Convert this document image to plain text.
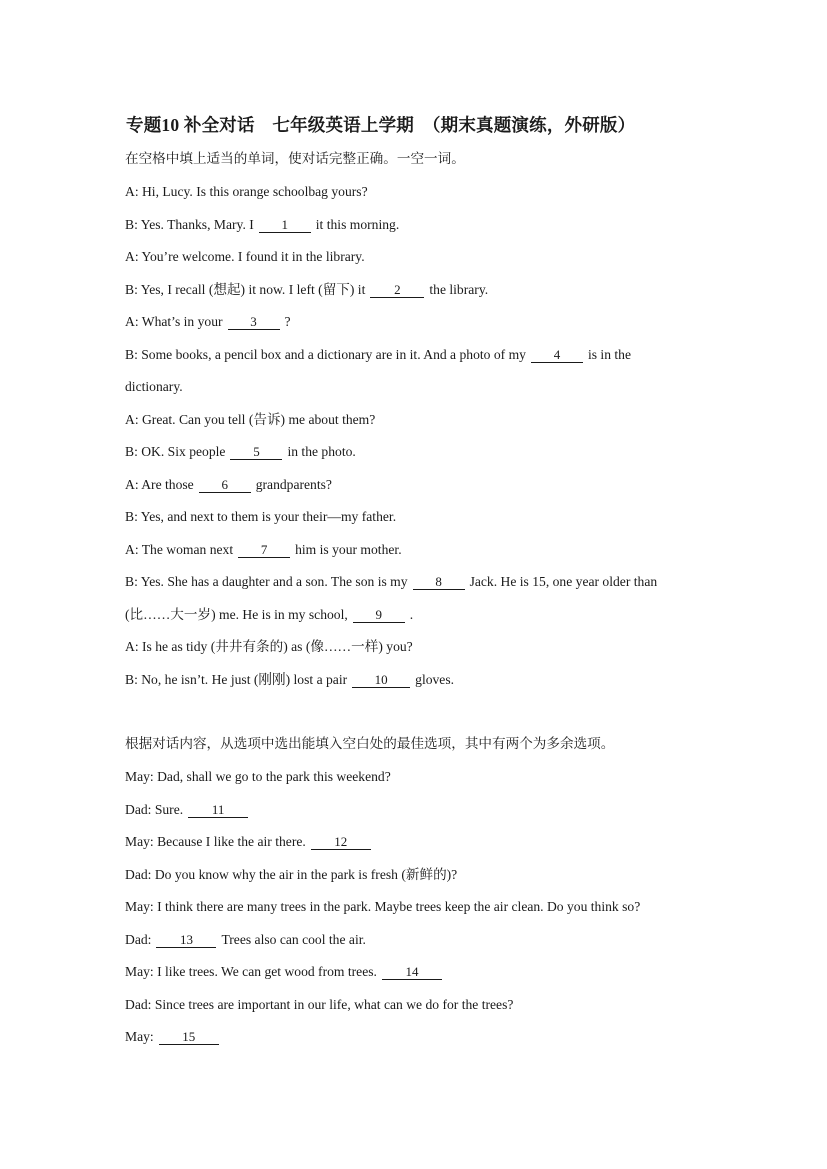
专题10 补全对话　七年级英语上学期　（期末真题演练，外研版）
在空格中填上适当的单词，使对话完整正确。一空一词。
A: Hi, Lucy. Is this orange schoolbag yours?
B: Yes. Thanks, Mary. I 1 it this morning.
A: You’re welcome. I found it in the library.
B: Yes, I recall (想起) it now. I left (留下) it 2 the library.
A: What’s in your 3 ?
B: Some books, a pencil box and a dictionary are in it. And a photo of my 4 is in the
dictionary.
A: Great. Can you tell (告诉) me about them?
B: OK. Six people 5 in the photo.
A: Are those 6 grandparents?
B: Yes, and next to them is your their—my father.
A: The woman next 7 him is your mother.
B: Yes. She has a daughter and a son. The son is my 8 Jack. He is 15, one year older than
(比……大一岁) me. He is in my school, 9 .
A: Is he as tidy (井井有条的) as (像……一样) you?
B: No, he isn’t. He just (刚刚) lost a pair 10 gloves.
根据对话内容，从选项中选出能填入空白处的最佳选项，其中有两个为多余选项。
May: Dad, shall we go to the park this weekend?
Dad: Sure. 11
May: Because I like the air there. 12
Dad: Do you know why the air in the park is fresh (新鲜的)?
May: I think there are many trees in the park. Maybe trees keep the air clean. Do you think so?
Dad: 13 Trees also can cool the air.
May: I like trees. We can get wood from trees. 14
Dad: Since trees are important in our life, what can we do for the trees?
May: 15
